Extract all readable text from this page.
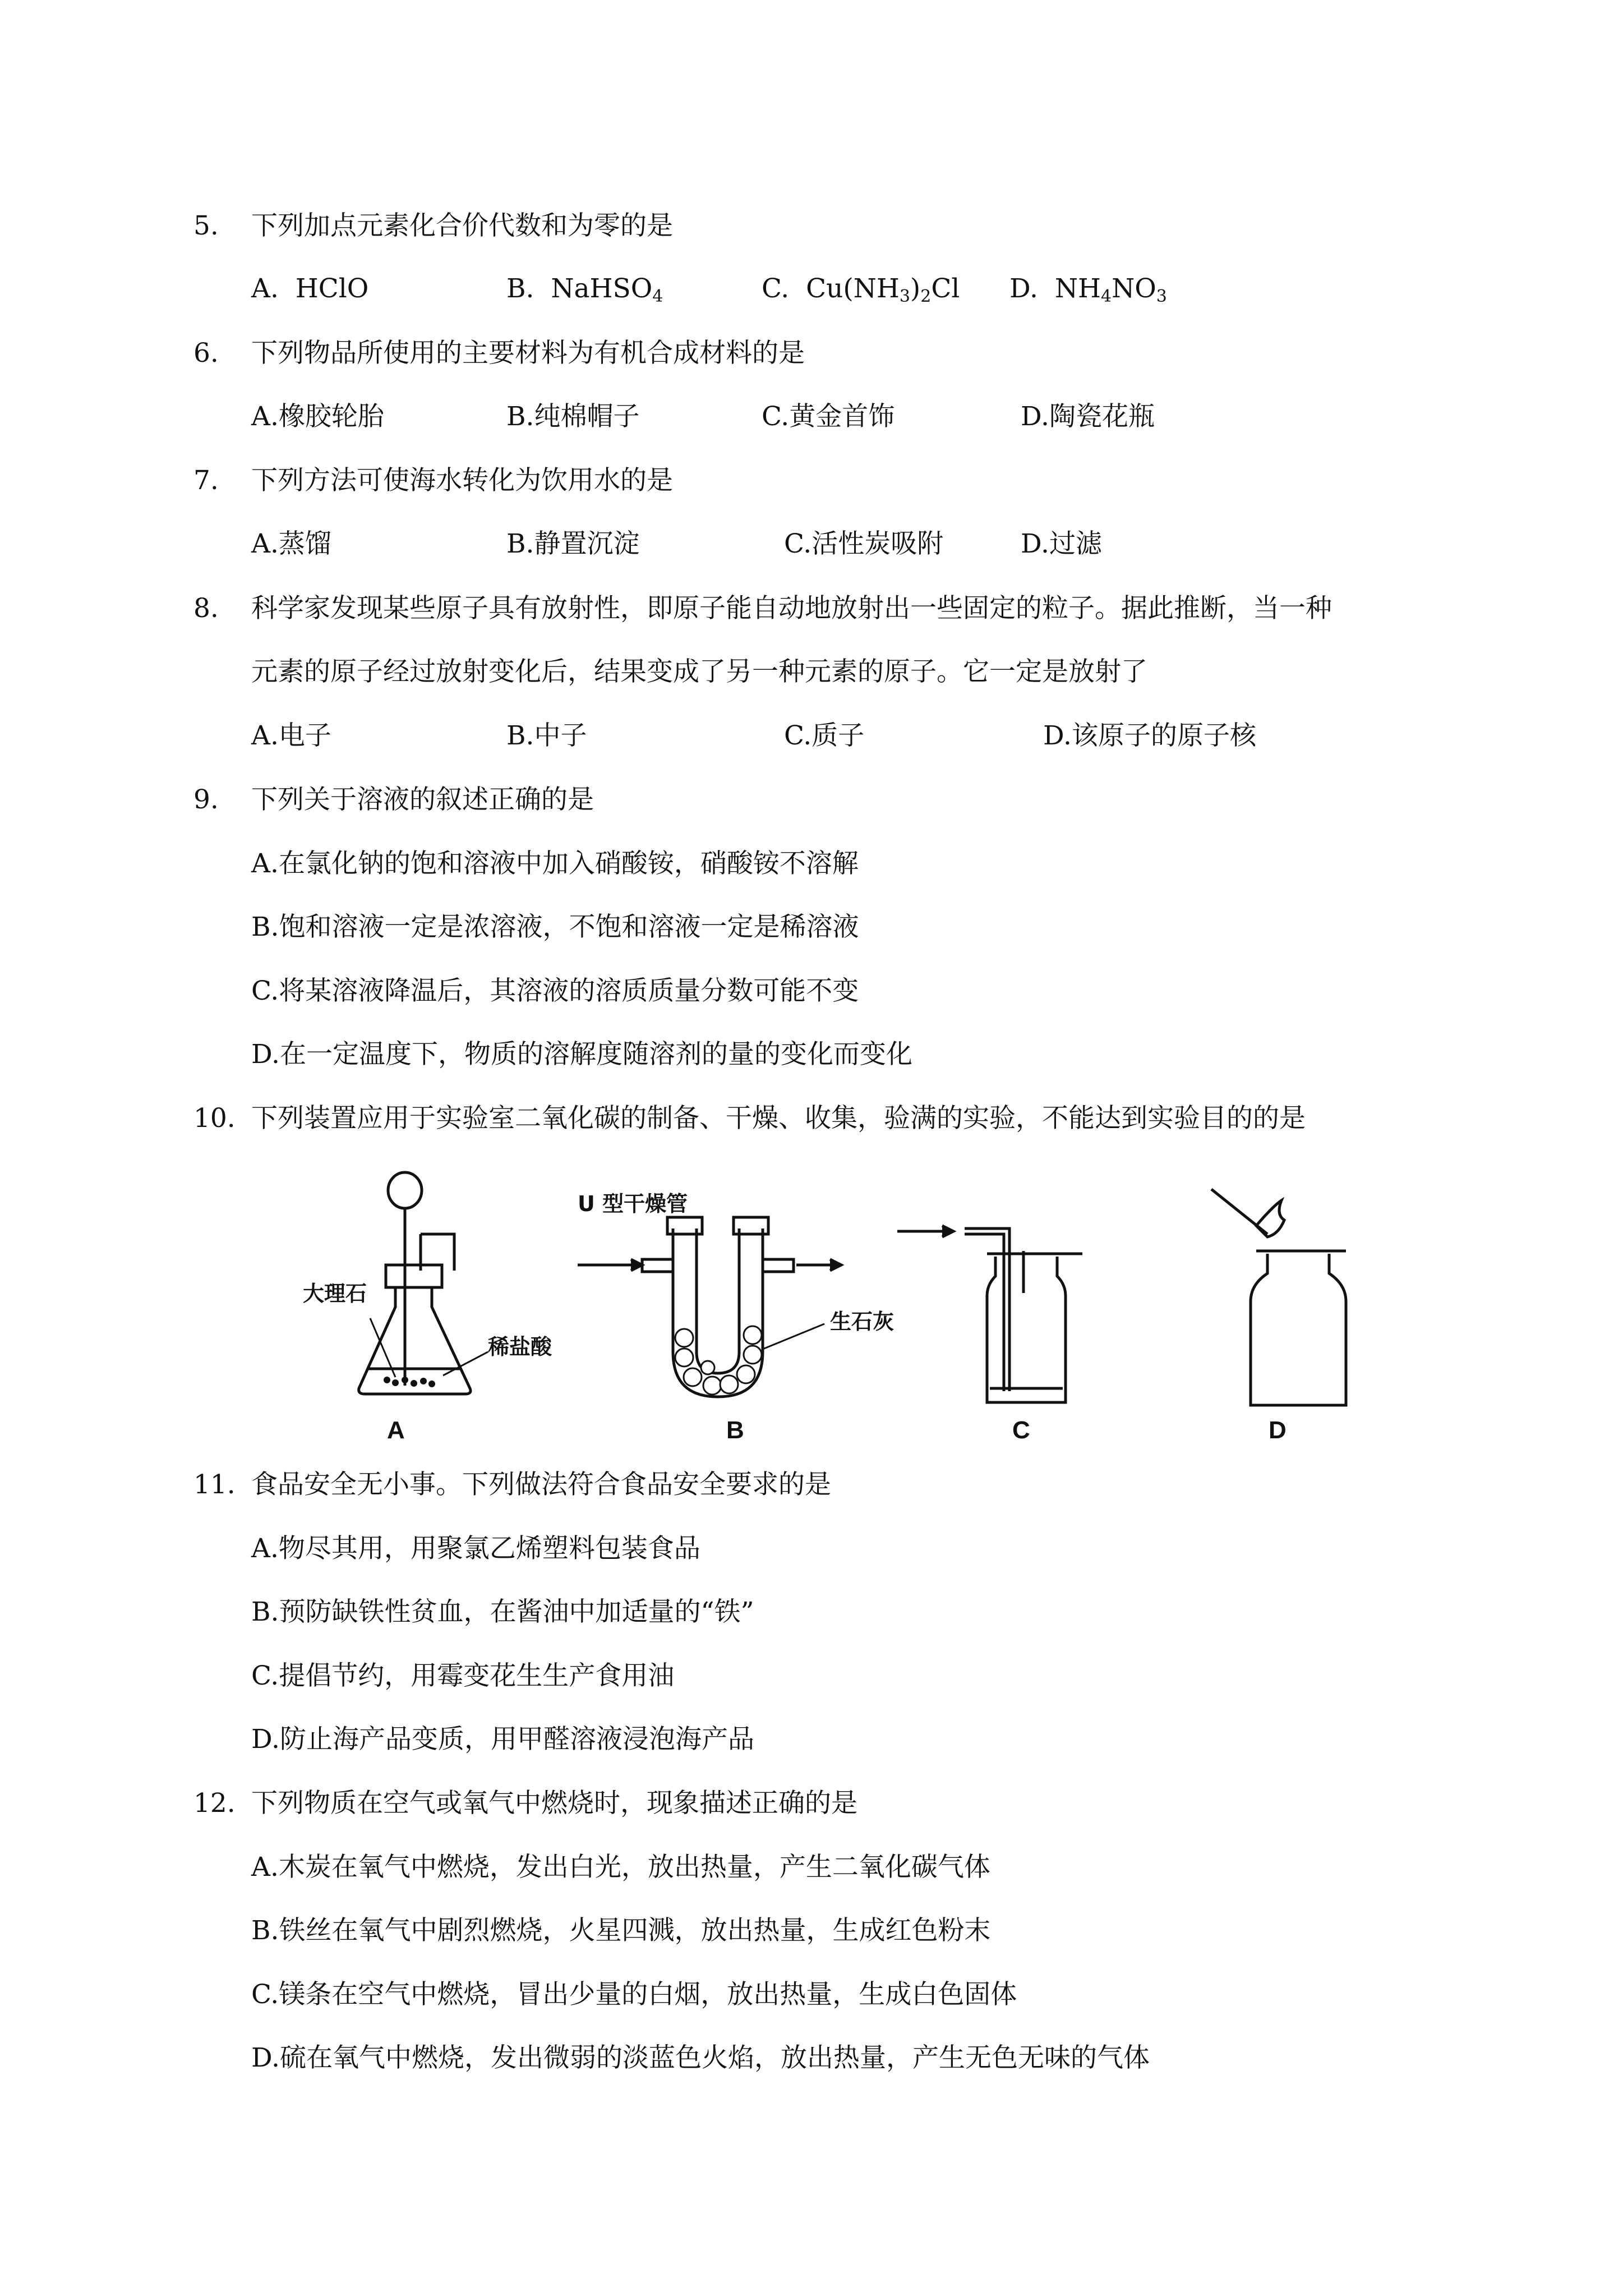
5. 下列加点元素化合价代数和为零的是
A. HClO	B. NaHSO$_4$	C. $Cu(NH_3)_2Cl$ D. $NH_4NO_3$
6. 下列物品所使用的主要材料为有机合成材料的是
A.橡胶轮胎	B.纯棉帽子	C.黄金首饰	D.陶瓷花瓶
7. 下列方法可使海水转化为饮用水的是
A.蒸馏	B.静置沉淀	C.活性炭吸附	D.过滤
8. 科学家发现某些原子具有放射性，即原子能自动地放射出一些固定的粒子。据此推断，当一种
元素的原子经过放射变化后，结果变成了另一种元素的原子。它一定是放射了
A.电子	B.中子	C.质子	D.该原子的原子核
9. 下列关于溶液的叙述正确的是
A.在氯化钠的饱和溶液中加入硝酸铵，硝酸铵不溶解
B.饱和溶液一定是浓溶液，不饱和溶液一定是稀溶液
C.将某溶液降温后，其溶液的溶质质量分数可能不变
D.在一定温度下，物质的溶解度随溶剂的量的变化而变化
10. 下列装置应用于实验室二氧化碳的制备、干燥、收集，验满的实验，不能达到实验目的的是
大理石
稀盐酸
A
U 型干燥管
生石灰
B	C	D
11. 食品安全无小事。下列做法符合食品安全要求的是
A.物尽其用，用聚氯乙烯塑料包装食品
B.预防缺铁性贫血，在酱油中加适量的“铁”
C.提倡节约，用霉变花生生产食用油
D.防止海产品变质，用甲醛溶液浸泡海产品
12. 下列物质在空气或氧气中燃烧时，现象描述正确的是
A.木炭在氧气中燃烧，发出白光，放出热量，产生二氧化碳气体
B.铁丝在氧气中剧烈燃烧，火星四溅，放出热量，生成红色粉末
C.镁条在空气中燃烧，冒出少量的白烟，放出热量，生成白色固体
D.硫在氧气中燃烧，发出微弱的淡蓝色火焰，放出热量，产生无色无味的气体
